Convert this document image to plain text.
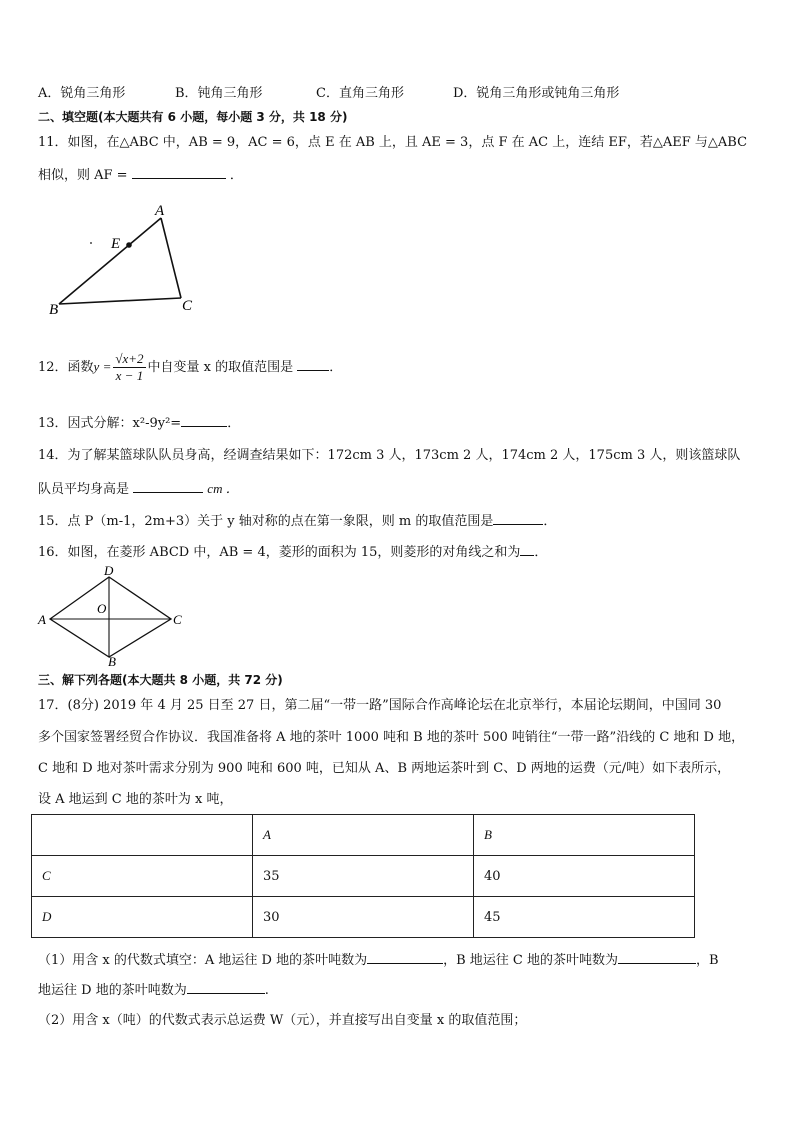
A．锐角三角形	B．钝角三角形	C．直角三角形	D．锐角三角形或钝角三角形
二、填空题(本大题共有 6 小题，每小题 3 分，共 18 分)
11．如图，在△ABC 中，AB = 9，AC = 6，点 E 在 AB 上，且 AE = 3，点 F 在 AC 上，连结 EF，若△AEF 与△ABC
相似，则 AF =	．
A
E
B	C
12．函数$y = \frac{√x+2}{x - 1}$ 中自变量 x 的取值范围是	．
13．因式分解：x²-9y²=	．
14．为了解某篮球队队员身高，经调查结果如下：172cm 3 人，173cm 2 人，174cm 2 人，175cm 3 人，则该篮球队
队员平均身高是	cm ．
15．点 P（m-1，2m+3）关于 y 轴对称的点在第一象限，则 m 的取值范围是	．
16．如图，在菱形 ABCD 中，AB = 4，菱形的面积为 15，则菱形的对角线之和为 ．
D
A	C
O
B
三、解下列各题(本大题共 8 小题，共 72 分)
17．(8分) 2019 年 4 月 25 日至 27 日，第二届“一带一路”国际合作高峰论坛在北京举行，本届论坛期间，中国同 30
多个国家签署经贸合作协议．我国准备将 A 地的茶叶 1000 吨和 B 地的茶叶 500 吨销往“一带一路”沿线的 C 地和 D 地，
C 地和 D 地对茶叶需求分别为 900 吨和 600 吨，已知从 A、B 两地运茶叶到 C、D 两地的运费（元/吨）如下表所示，
设 A 地运到 C 地的茶叶为 x 吨，
	A	B
C	35	40
D	30	45
（1）用含 x 的代数式填空：A 地运往 D 地的茶叶吨数为	，B 地运往 C 地的茶叶吨数为	，B
地运往 D 地的茶叶吨数为	.
（2）用含 x（吨）的代数式表示总运费 W（元），并直接写出自变量 x 的取值范围；
